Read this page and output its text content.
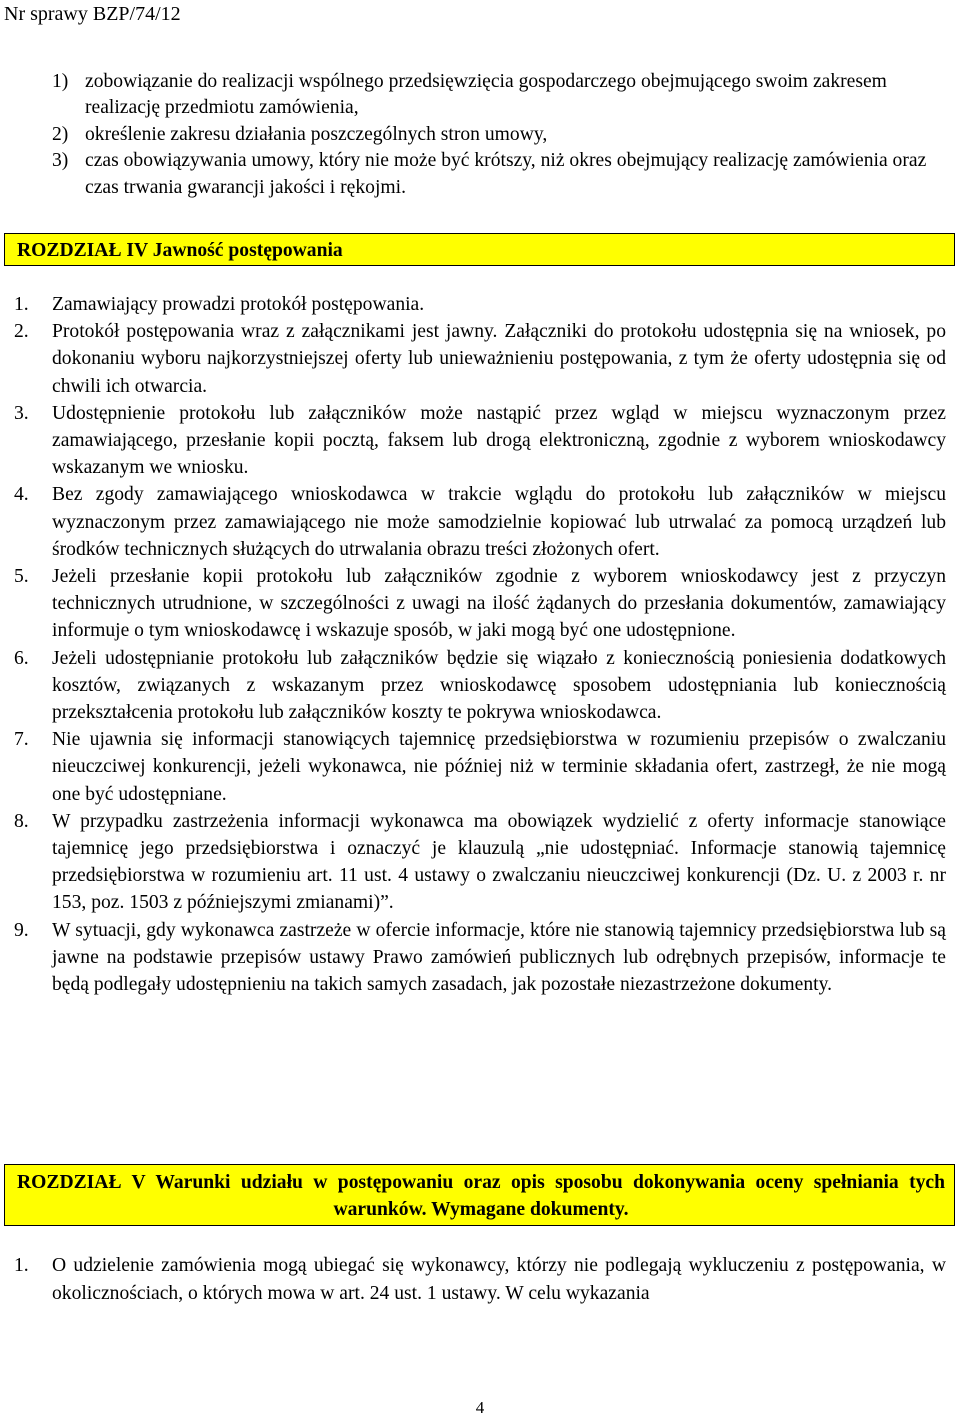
Nr sprawy BZP/74/12
1) zobowiązanie do realizacji wspólnego przedsięwzięcia gospodarczego obejmującego swoim zakresem realizację przedmiotu zamówienia,
2) określenie zakresu działania poszczególnych stron umowy,
3) czas obowiązywania umowy, który nie może być krótszy, niż okres obejmujący realizację zamówienia oraz czas trwania gwarancji jakości i rękojmi.
ROZDZIAŁ IV Jawność postępowania
1. Zamawiający prowadzi protokół postępowania.
2. Protokół postępowania wraz z załącznikami jest jawny. Załączniki do protokołu udostępnia się na wniosek, po dokonaniu wyboru najkorzystniejszej oferty lub unieważnieniu postępowania, z tym że oferty udostępnia się od chwili ich otwarcia.
3. Udostępnienie protokołu lub załączników może nastąpić przez wgląd w miejscu wyznaczonym przez zamawiającego, przesłanie kopii pocztą, faksem lub drogą elektroniczną, zgodnie z wyborem wnioskodawcy wskazanym we wniosku.
4. Bez zgody zamawiającego wnioskodawca w trakcie wglądu do protokołu lub załączników w miejscu wyznaczonym przez zamawiającego nie może samodzielnie kopiować lub utrwalać za pomocą urządzeń lub środków technicznych służących do utrwalania obrazu treści złożonych ofert.
5. Jeżeli przesłanie kopii protokołu lub załączników zgodnie z wyborem wnioskodawcy jest z przyczyn technicznych utrudnione, w szczególności z uwagi na ilość żądanych do przesłania dokumentów, zamawiający informuje o tym wnioskodawcę i wskazuje sposób, w jaki mogą być one udostępnione.
6. Jeżeli udostępnianie protokołu lub załączników będzie się wiązało z koniecznością poniesienia dodatkowych kosztów, związanych z wskazanym przez wnioskodawcę sposobem udostępniania lub koniecznością przekształcenia protokołu lub załączników koszty te pokrywa wnioskodawca.
7. Nie ujawnia się informacji stanowiących tajemnicę przedsiębiorstwa w rozumieniu przepisów o zwalczaniu nieuczciwej konkurencji, jeżeli wykonawca, nie później niż w terminie składania ofert, zastrzegł, że nie mogą one być udostępniane.
8. W przypadku zastrzeżenia informacji wykonawca ma obowiązek wydzielić z oferty informacje stanowiące tajemnicę jego przedsiębiorstwa i oznaczyć je klauzulą „nie udostępniać. Informacje stanowią tajemnicę przedsiębiorstwa w rozumieniu art. 11 ust. 4 ustawy o zwalczaniu nieuczciwej konkurencji (Dz. U. z 2003 r. nr 153, poz. 1503 z późniejszymi zmianami)”.
9. W sytuacji, gdy wykonawca zastrzeże w ofercie informacje, które nie stanowią tajemnicy przedsiębiorstwa lub są jawne na podstawie przepisów ustawy Prawo zamówień publicznych lub odrębnych przepisów, informacje te będą podlegały udostępnieniu na takich samych zasadach, jak pozostałe niezastrzeżone dokumenty.
ROZDZIAŁ V Warunki udziału w postępowaniu oraz opis sposobu dokonywania oceny spełniania tych warunków. Wymagane dokumenty.
1. O udzielenie zamówienia mogą ubiegać się wykonawcy, którzy nie podlegają wykluczeniu z postępowania, w okolicznościach, o których mowa w art. 24 ust. 1 ustawy. W celu wykazania
4
